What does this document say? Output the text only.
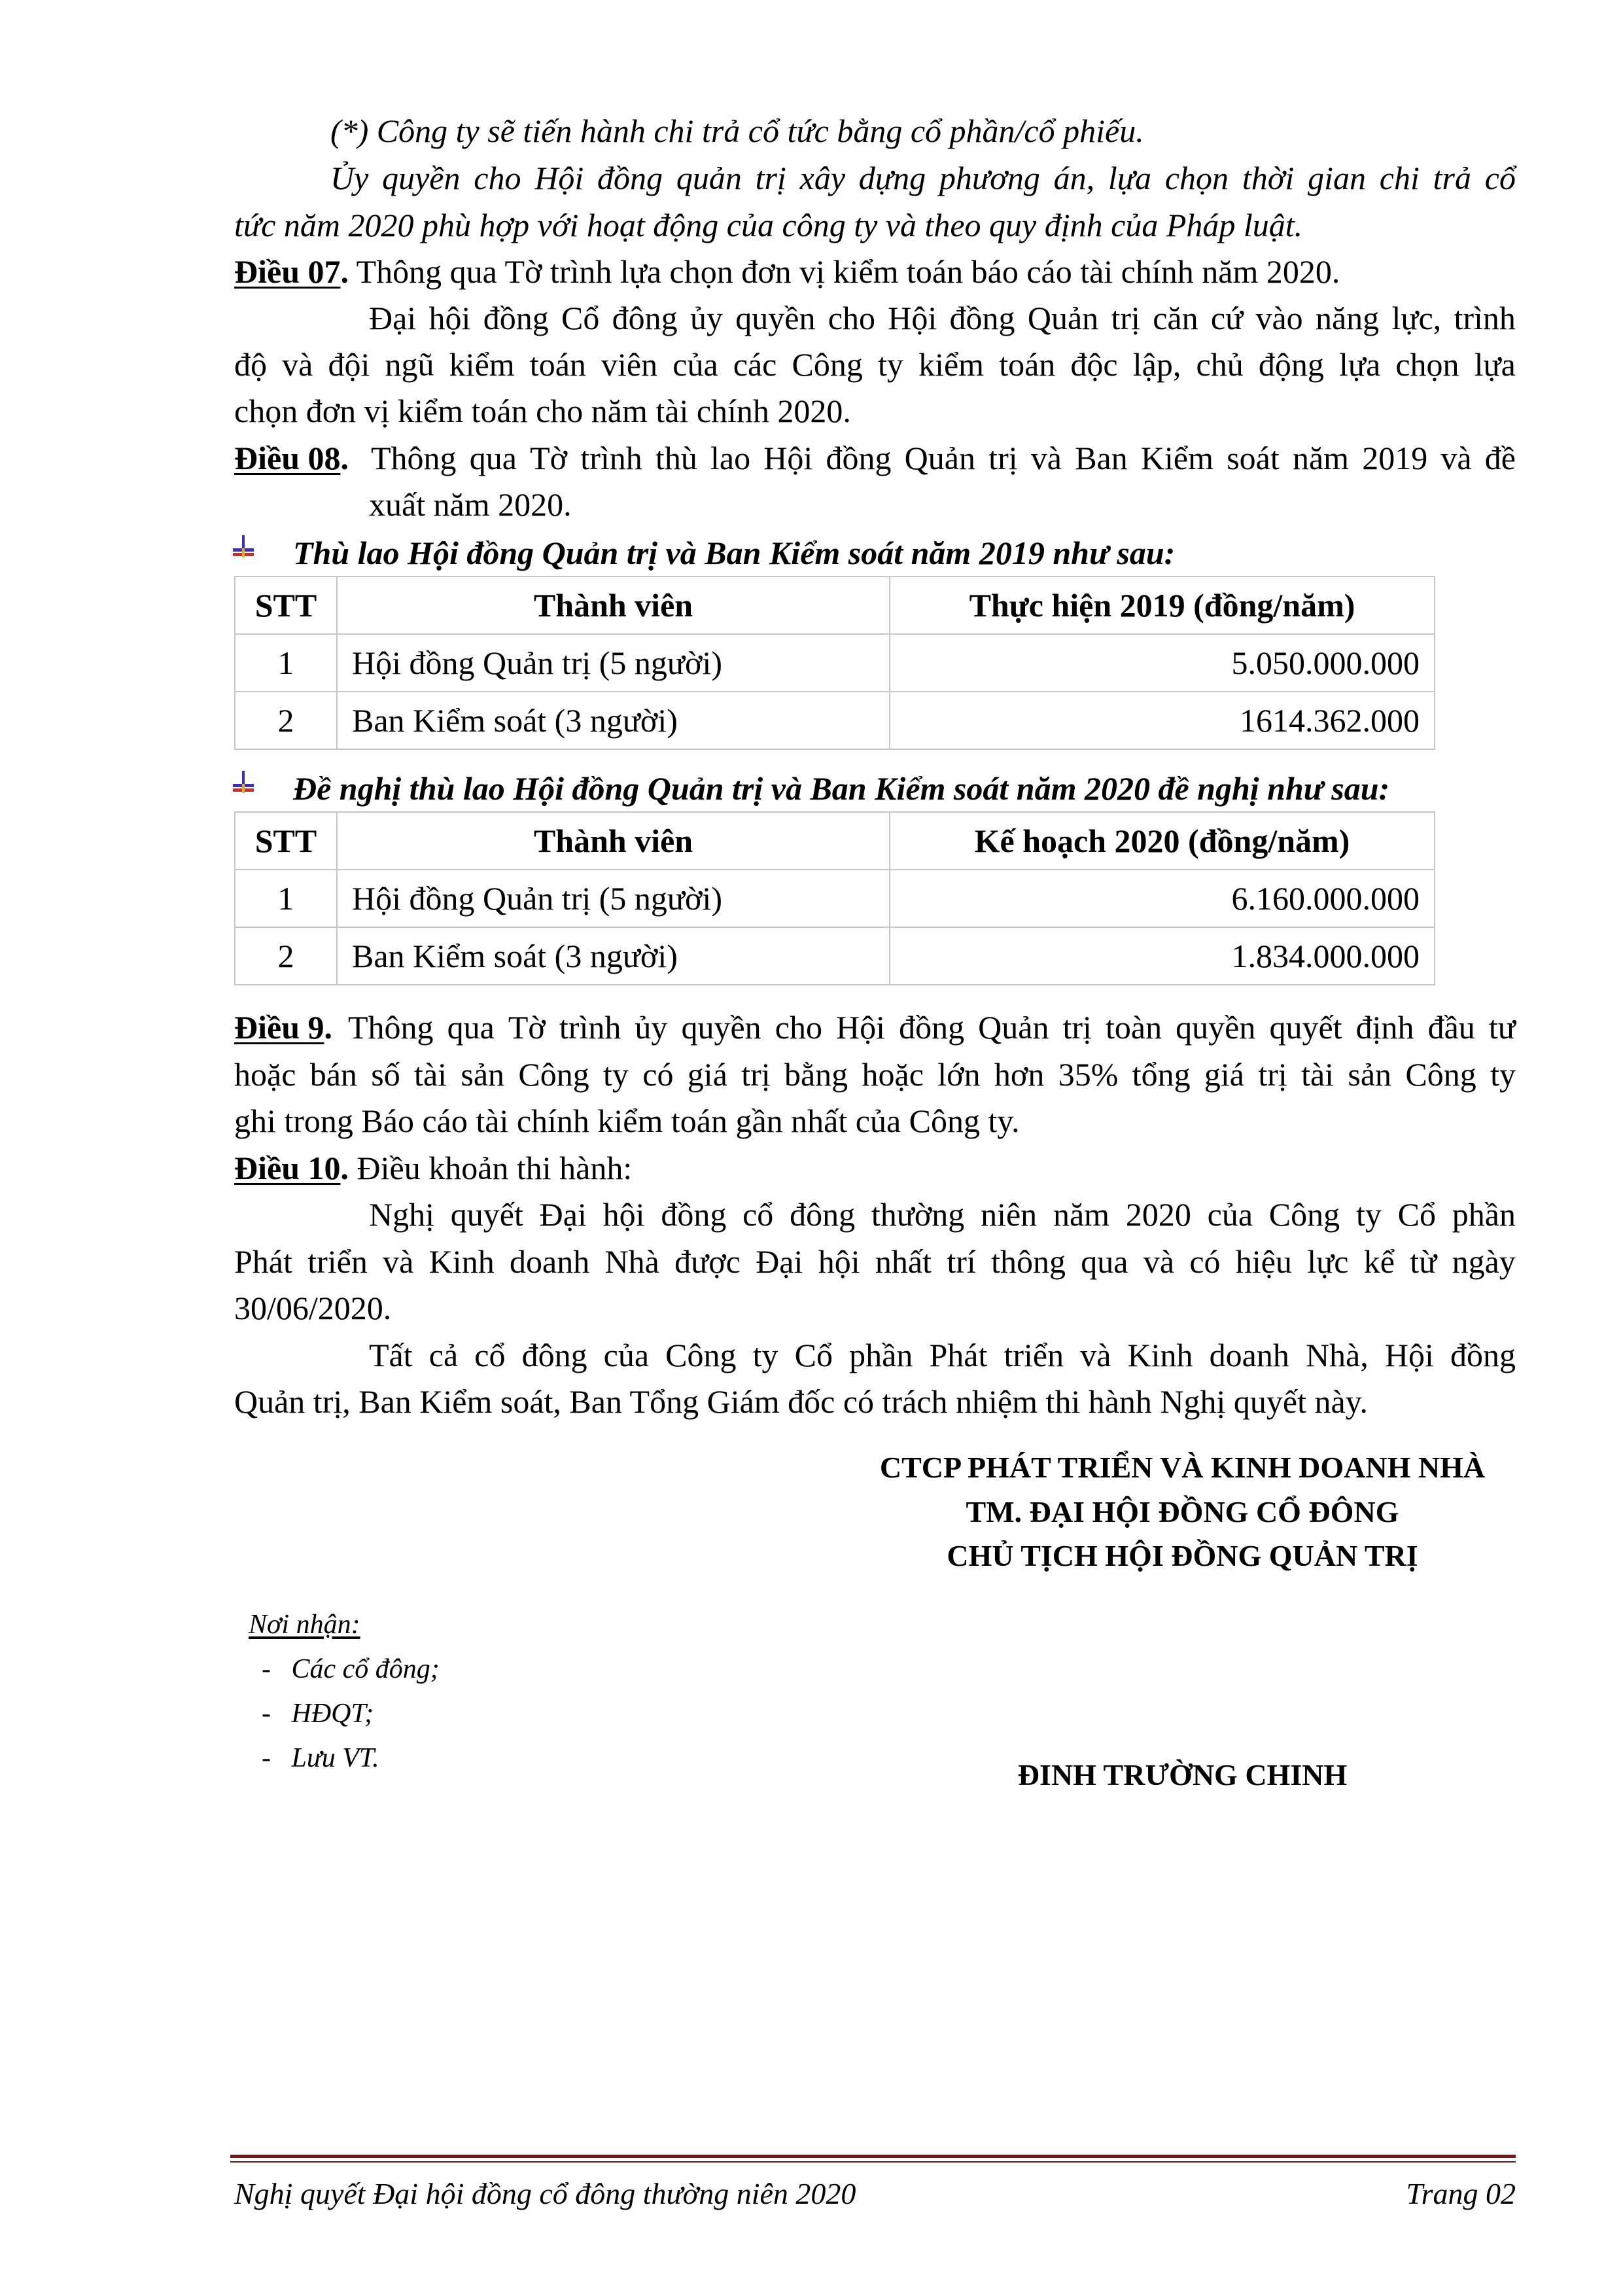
(*) Công ty sẽ tiến hành chi trả cổ tức bằng cổ phần/cổ phiếu.
Ủy quyền cho Hội đồng quản trị xây dựng phương án, lựa chọn thời gian chi trả cổ
tức năm 2020 phù hợp với hoạt động của công ty và theo quy định của Pháp luật.
Điều 07. Thông qua Tờ trình lựa chọn đơn vị kiểm toán báo cáo tài chính năm 2020.
Đại hội đồng Cổ đông ủy quyền cho Hội đồng Quản trị căn cứ vào năng lực, trình
độ và đội ngũ kiểm toán viên của các Công ty kiểm toán độc lập, chủ động lựa chọn lựa
chọn đơn vị kiểm toán cho năm tài chính 2020.
Điều 08. Thông qua Tờ trình thù lao Hội đồng Quản trị và Ban Kiểm soát năm 2019 và đề
xuất năm 2020.
Thù lao Hội đồng Quản trị và Ban Kiểm soát năm 2019 như sau:
STT	Thành viên	Thực hiện 2019 (đồng/năm)
1	Hội đồng Quản trị (5 người)	5.050.000.000
2	Ban Kiểm soát (3 người)	1614.362.000
Đề nghị thù lao Hội đồng Quản trị và Ban Kiểm soát năm 2020 đề nghị như sau:
STT	Thành viên	Kế hoạch 2020 (đồng/năm)
1	Hội đồng Quản trị (5 người)	6.160.000.000
2	Ban Kiểm soát (3 người)	1.834.000.000
Điều 9. Thông qua Tờ trình ủy quyền cho Hội đồng Quản trị toàn quyền quyết định đầu tư
hoặc bán số tài sản Công ty có giá trị bằng hoặc lớn hơn 35% tổng giá trị tài sản Công ty
ghi trong Báo cáo tài chính kiểm toán gần nhất của Công ty.
Điều 10. Điều khoản thi hành:
Nghị quyết Đại hội đồng cổ đông thường niên năm 2020 của Công ty Cổ phần
Phát triển và Kinh doanh Nhà được Đại hội nhất trí thông qua và có hiệu lực kể từ ngày
30/06/2020.
Tất cả cổ đông của Công ty Cổ phần Phát triển và Kinh doanh Nhà, Hội đồng
Quản trị, Ban Kiểm soát, Ban Tổng Giám đốc có trách nhiệm thi hành Nghị quyết này.
CTCP PHÁT TRIỂN VÀ KINH DOANH NHÀ
TM. ĐẠI HỘI ĐỒNG CỔ ĐÔNG
CHỦ TỊCH HỘI ĐỒNG QUẢN TRỊ
ĐINH TRƯỜNG CHINH
Nơi nhận:
-   Các cổ đông;
-   HĐQT;
-   Lưu VT.
Nghị quyết Đại hội đồng cổ đông thường niên 2020	Trang 02
